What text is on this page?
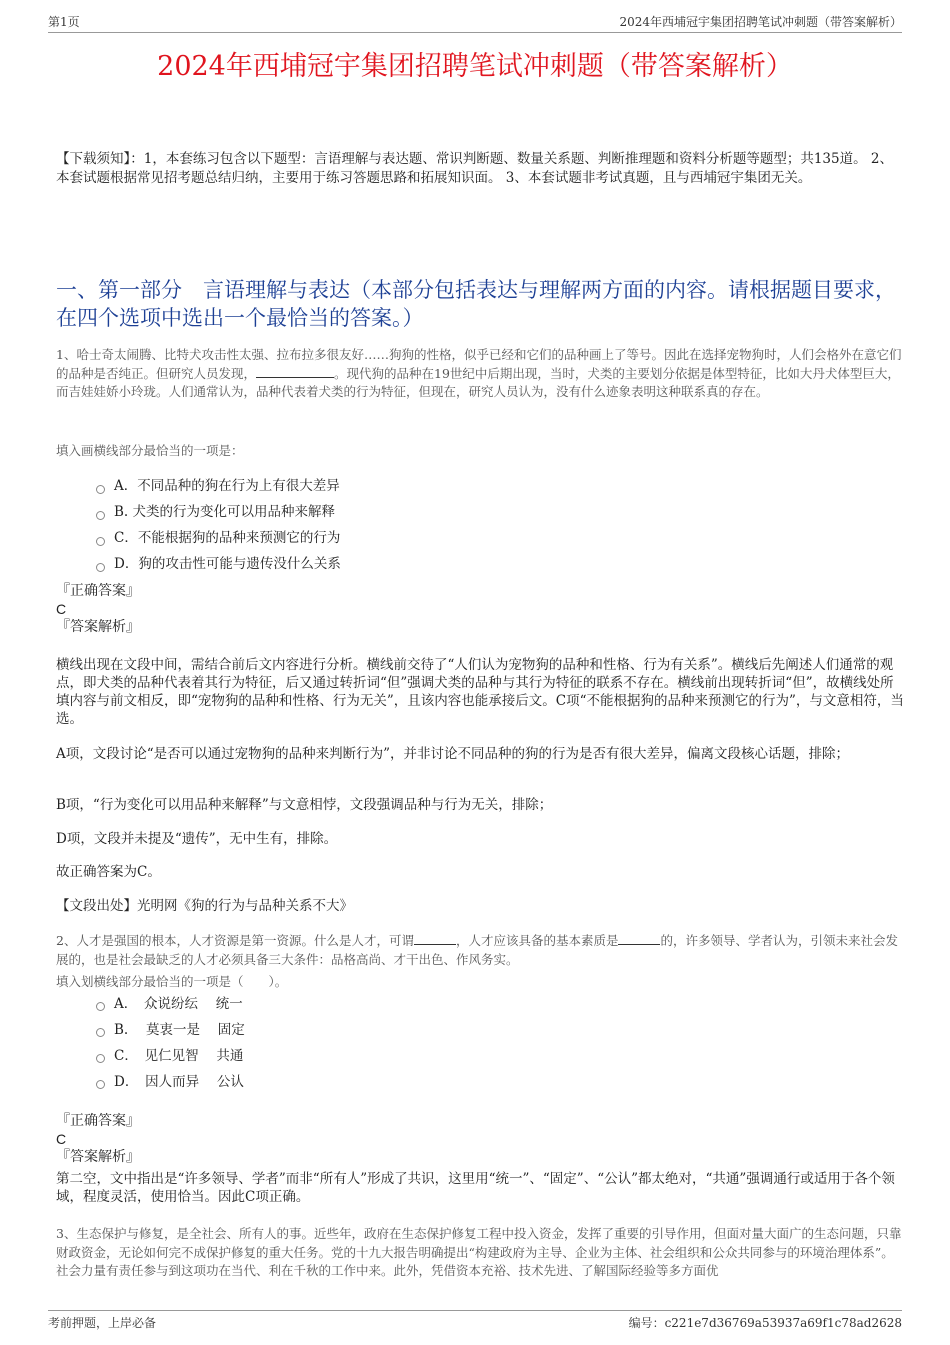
第1页	2024年西埔冠宇集团招聘笔试冲刺题（带答案解析）
2024年西埔冠宇集团招聘笔试冲刺题（带答案解析）
【下载须知】：1，本套练习包含以下题型：言语理解与表达题、常识判断题、数量关系题、判断推理题和资料分析题等题型；共135道。 2、本套试题根据常见招考题总结归纳，主要用于练习答题思路和拓展知识面。 3、本套试题非考试真题，且与西埔冠宇集团无关。
一、第一部分　言语理解与表达（本部分包括表达与理解两方面的内容。请根据题目要求，在四个选项中选出一个最恰当的答案。）
1、哈士奇太闹腾、比特犬攻击性太强、拉布拉多很友好……狗狗的性格，似乎已经和它们的品种画上了等号。因此在选择宠物狗时，人们会格外在意它们的品种是否纯正。但研究人员发现，	。现代狗的品种在19世纪中后期出现，当时，犬类的主要划分依据是体型特征，比如大丹犬体型巨大，而吉娃娃娇小玲珑。人们通常认为，品种代表着犬类的行为特征，但现在，研究人员认为，没有什么迹象表明这种联系真的存在。
填入画横线部分最恰当的一项是：
A．不同品种的狗在行为上有很大差异
B. 犬类的行为变化可以用品种来解释
C．不能根据狗的品种来预测它的行为
D．狗的攻击性可能与遗传没什么关系
『正确答案』
C
『答案解析』
横线出现在文段中间，需结合前后文内容进行分析。横线前交待了“人们认为宠物狗的品种和性格、行为有关系”。横线后先阐述人们通常的观点，即犬类的品种代表着其行为特征，后又通过转折词“但”强调犬类的品种与其行为特征的联系不存在。横线前出现转折词“但”，故横线处所填内容与前文相反，即“宠物狗的品种和性格、行为无关”，且该内容也能承接后文。C项“不能根据狗的品种来预测它的行为”，与文意相符，当选。
A项，文段讨论“是否可以通过宠物狗的品种来判断行为”，并非讨论不同品种的狗的行为是否有很大差异，偏离文段核心话题，排除；
B项，“行为变化可以用品种来解释”与文意相悖，文段强调品种与行为无关，排除；
D项，文段并未提及“遗传”，无中生有，排除。
故正确答案为C。
【文段出处】光明网《狗的行为与品种关系不大》
2、人才是强国的根本，人才资源是第一资源。什么是人才，可谓	，人才应该具备的基本素质是	的，许多领导、学者认为，引领未来社会发展的，也是社会最缺乏的人才必须具备三大条件：品格高尚、才干出色、作风务实。
填入划横线部分最恰当的一项是（　　）。
A．　众说纷纭　 统一
B.　 莫衷一是　 固定
C．　见仁见智　 共通
D．　因人而异　 公认
『正确答案』
C
『答案解析』
第二空，文中指出是“许多领导、学者”而非“所有人”形成了共识，这里用“统一”、“固定”、“公认”都太绝对，“共通”强调通行或适用于各个领域，程度灵活，使用恰当。因此C项正确。
3、生态保护与修复，是全社会、所有人的事。近些年，政府在生态保护修复工程中投入资金，发挥了重要的引导作用，但面对量大面广的生态问题，只靠财政资金，无论如何完不成保护修复的重大任务。党的十九大报告明确提出“构建政府为主导、企业为主体、社会组织和公众共同参与的环境治理体系”。社会力量有责任参与到这项功在当代、利在千秋的工作中来。此外，凭借资本充裕、技术先进、了解国际经验等多方面优
考前押题，上岸必备	编号：c221e7d36769a53937a69f1c78ad2628
